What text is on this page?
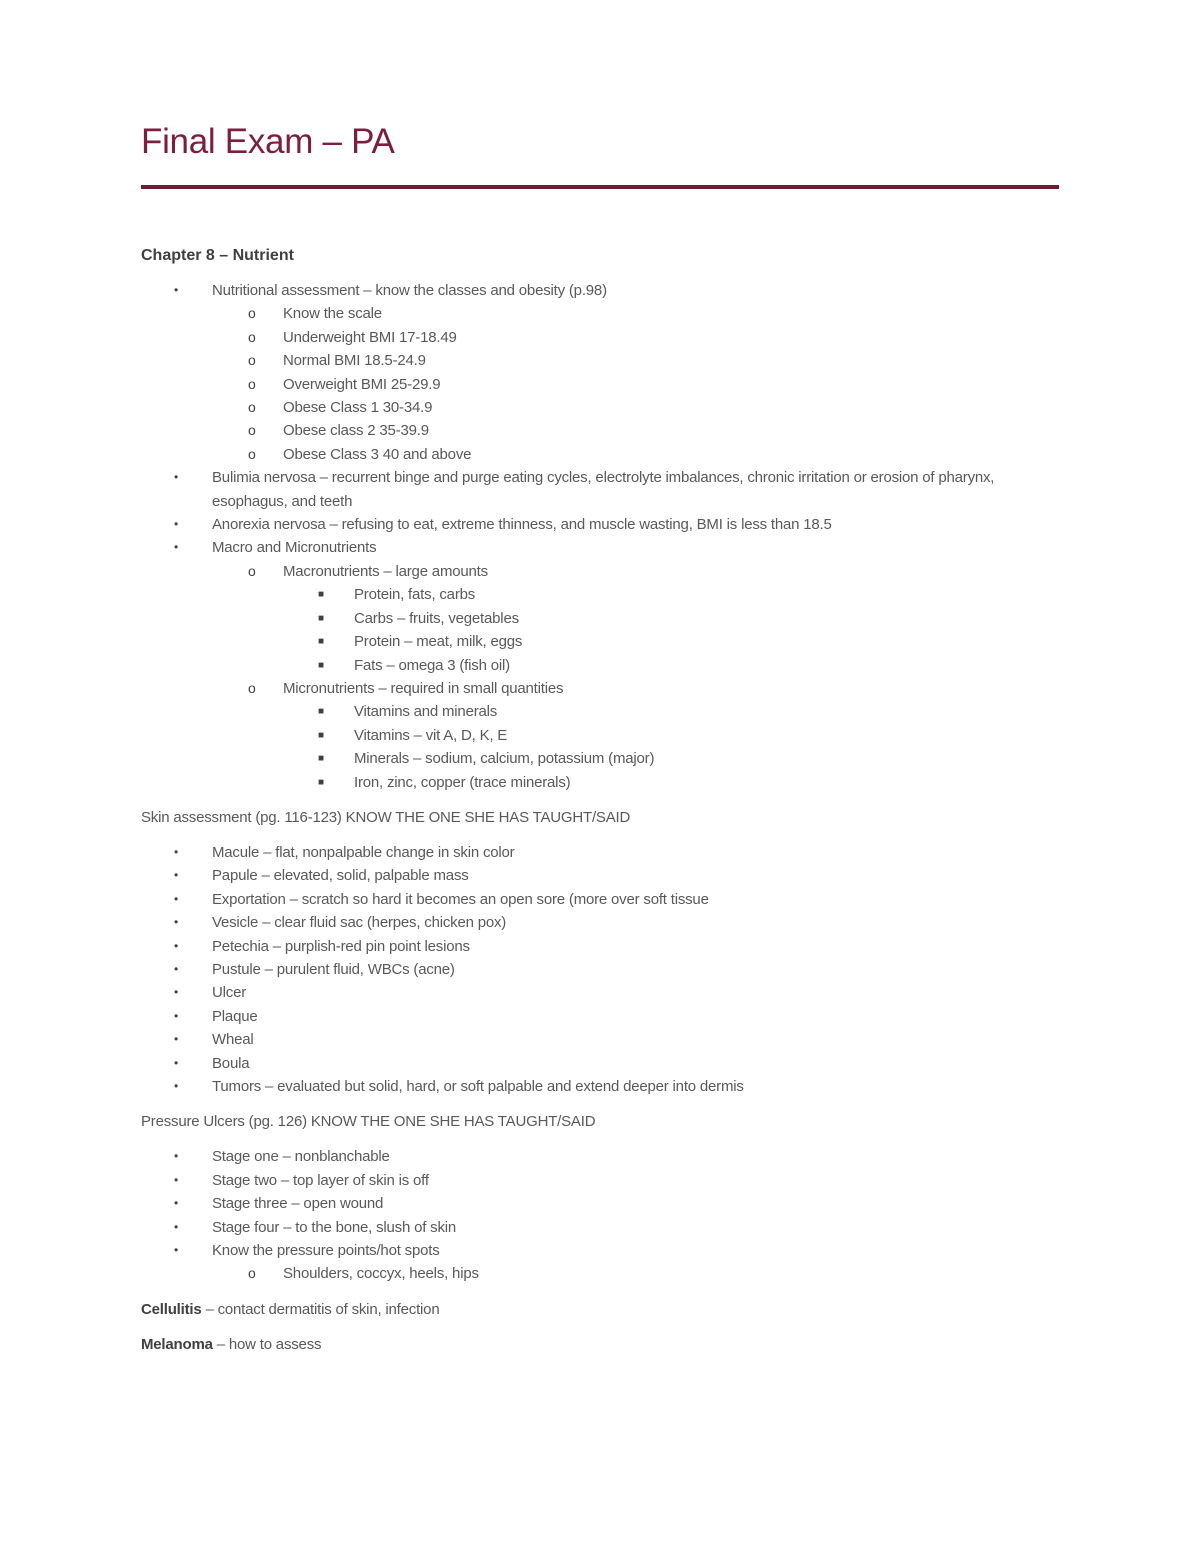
Final Exam – PA
Chapter 8 – Nutrient
• Nutritional assessment – know the classes and obesity (p.98)
o Know the scale
o Underweight BMI 17-18.49
o Normal BMI 18.5-24.9
o Overweight BMI 25-29.9
o Obese Class 1 30-34.9
o Obese class 2 35-39.9
o Obese Class 3 40 and above
• Bulimia nervosa – recurrent binge and purge eating cycles, electrolyte imbalances, chronic irritation or erosion of pharynx, esophagus, and teeth
• Anorexia nervosa – refusing to eat, extreme thinness, and muscle wasting, BMI is less than 18.5
• Macro and Micronutrients
o Macronutrients – large amounts
■ Protein, fats, carbs
■ Carbs – fruits, vegetables
■ Protein – meat, milk, eggs
■ Fats – omega 3 (fish oil)
o Micronutrients – required in small quantities
■ Vitamins and minerals
■ Vitamins – vit A, D, K, E
■ Minerals – sodium, calcium, potassium (major)
■ Iron, zinc, copper (trace minerals)
Skin assessment (pg. 116-123) KNOW THE ONE SHE HAS TAUGHT/SAID
• Macule – flat, nonpalpable change in skin color
• Papule – elevated, solid, palpable mass
• Exportation – scratch so hard it becomes an open sore (more over soft tissue
• Vesicle – clear fluid sac (herpes, chicken pox)
• Petechia – purplish-red pin point lesions
• Pustule – purulent fluid, WBCs (acne)
• Ulcer
• Plaque
• Wheal
• Boula
• Tumors – evaluated but solid, hard, or soft palpable and extend deeper into dermis
Pressure Ulcers (pg. 126) KNOW THE ONE SHE HAS TAUGHT/SAID
• Stage one – nonblanchable
• Stage two – top layer of skin is off
• Stage three – open wound
• Stage four – to the bone, slush of skin
• Know the pressure points/hot spots
o Shoulders, coccyx, heels, hips
Cellulitis – contact dermatitis of skin, infection
Melanoma – how to assess
